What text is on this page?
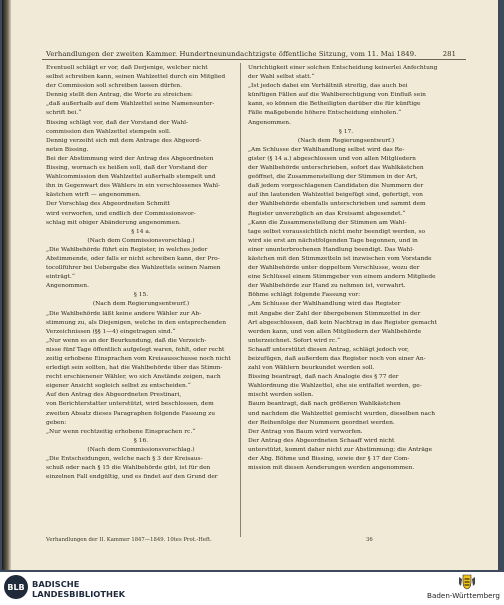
Verhandlungen der zweiten Kammer. Hundertneunundachtzigste öffentliche Sitzung, vom 11. Mai 1849.	281

Eventuell schlägt er vor, daß Derjenige, welcher nicht

selbst schreiben kann, seinen Wahlzettel durch ein Mitglied

der Commission soll schreiben lassen dürfen.

Dennig stellt den Antrag, die Worte zu streichen:

„daß außerhalb auf dem Wahlzettel seine Namensunter-

schrift bei.“

Bissing schlägt vor, daß der Vorstand der Wahl-

commission den Wahlzettel stempeln soll.

Dennig verzeiht sich mit dem Antrage des Abgeord-

neten Bissing.

Bei der Abstimmung wird der Antrag des Abgeordneten

Bissing, wornach es heißen soll, daß der Vorstand der

Wahlcommission den Wahlzettel außerhalb stempelt und

ihn in Gegenwart des Wählers in ein verschlossenes Wahl-

kästchen wirft — angenommen.

Der Vorschlag des Abgeordneten Schmitt

wird verworfen, und endlich der Commissionsvor-

schlag mit obiger Abänderung angenommen.

§ 14 a.

(Nach dem Commissionsvorschlag.)

„Die Wahlbehörde führt ein Register, in welches jeder

Abstimmende, oder falls er nicht schreiben kann, der Pro-

tocollführer bei Uebergabe des Wahlzettels seinen Namen

einträgt.“

Angenommen.

§ 15.

(Nach dem Regierungsentwurf.)

„Die Wahlbehörde läßt keine andere Wähler zur Ab-

stimmung zu, als Diejenigen, welche in den entsprechenden

Verzeichnissen (§§ 1—4) eingetragen sind.“

„Nur wenn es an der Beurkundung, daß die Verzeich-

nisse fünf Tage öffentlich aufgelegt waren, fehlt, oder recht

zeitig erhobene Einsprachen vom Kreisausschusse noch nicht

erledigt sein sollten, hat die Wahlbehörde über das Stimm-

recht erschienener Wähler, wo sich Anstände zeigen, nach

eigener Ansicht sogleich selbst zu entscheiden.“

Auf den Antrag des Abgeordneten Prestinari,

von Berichterstatter unterstützt, wird beschlossen, dem

zweiten Absatz dieses Paragraphen folgende Fassung zu geben:

„Nur wenn rechtzeitig erhobene Einsprachen rc.“

§ 16.

(Nach dem Commissionsvorschlag.)

„Die Entscheidungen, welche nach § 3 der Kreisaus-

schuß oder nach § 15 die Wahlbehörde gibt, ist für den

einzelnen Fall endgültig, und es findet auf den Grund der

Unrichtigkeit einer solchen Entscheidung keinerlei Anfechtung

der Wahl selbst statt.“

„Ist jedoch dabei ein Verhältniß streitig, das auch bei

künftigen Fällen auf die Wahlberechtigung von Einfluß sein

kann, so können die Betheiligten darüber die für künftige

Fälle maßgebende höhere Entscheidung einholen.“

Angenommen.

§ 17.

(Nach dem Regierungsentwurf.)

„Am Schlusse der Wahlhandlung selbst wird das Re-

gister (§ 14 a.) abgeschlossen und von allen Mitgliedern

der Wahlbehörde unterschrieben, sofort das Wahlkästchen

geöffnet, die Zusammenstellung der Stimmen in der Art,

daß jedem vorgeschlagenen Candidaten die Nummern der

auf ihn lautenden Wahlzettel beigefügt sind, gefertigt, von

der Wahlbehörde ebenfalls unterschrieben und sammt dem

Register unverzüglich an das Kreisamt abgesendet.“

„Kann die Zusammenstellung der Stimmen am Wahl-

tage selbst voraussichtlich nicht mehr beendigt werden, so

wird sie erst am nächstfolgenden Tage begonnen, und in

einer ununterbrochenen Handlung beendigt. Das Wahl-

kästchen mit den Stimmzetteln ist inzwischen vom Vorstande

der Wahlbehörde unter doppeltem Verschlusse, wozu der

eine Schlüssel einem Stimmgeber von einem andern Mitgliede

der Wahlbehörde zur Hand zu nehmen ist, verwahrt.

Böhme schlägt folgende Fassung vor:

„Am Schlusse der Wahlhandlung wird das Register

mit Angabe der Zahl der übergebenen Stimmzettel in der

Art abgeschlossen, daß kein Nachtrag in das Register gemacht

werden kann, und von allen Mitgliedern der Wahlbehörde

unterzeichnet. Sofort wird rc.“

Schaaff unterstützt diesen Antrag, schlägt jedoch vor,

beizufügen, daß außerdem das Register noch von einer An-

zahl von Wählern beurkundet werden soll.

Bissing beantragt, daß nach Analogie des § 77 der

Wahlordnung die Wahlzettel, ehe sie entfaltet werden, ge-

mischt werden sollen.

Baum beantragt, daß nach größeren Wahlkästchen

und nachdem die Wahlzettel gemischt wurden, dieselben nach

der Reihenfolge der Nummern geordnet werden.

Der Antrag von Baum wird verworfen.

Der Antrag des Abgeordneten Schaaff wird nicht

unterstützt, kommt daher nicht zur Abstimmung; die Anträge

der Abg. Böhme und Bissing, sowie der § 17 der Com-

mission mit diesen Aenderungen werden angenommen.

Verhandlungen der II. Kammer 1847—1849. 10tes Prot.-Heft.	36
BLB BADISCHE
LANDESBIBLIOTHEK	Baden-Württemberg
